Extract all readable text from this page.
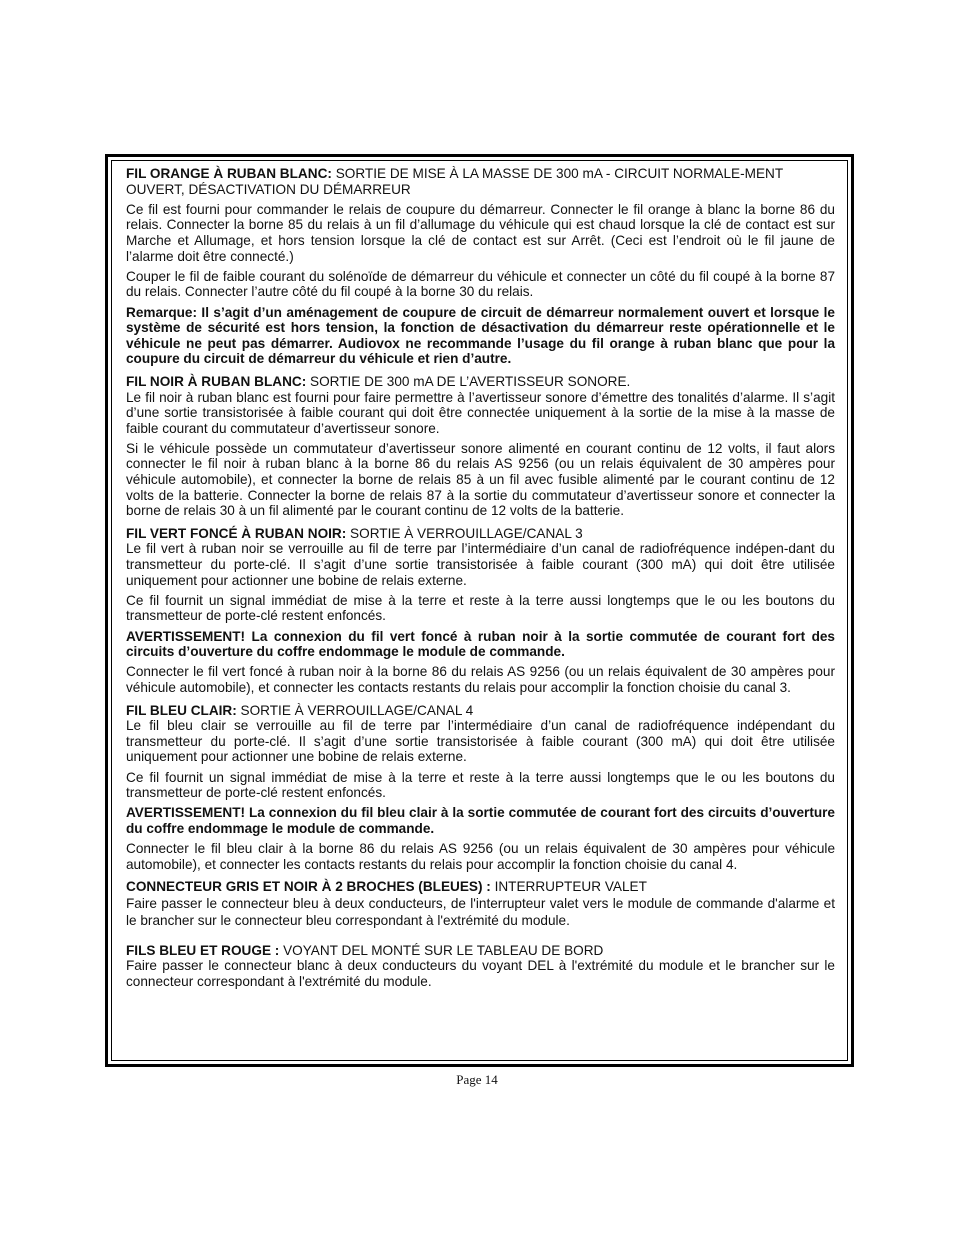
FIL ORANGE À RUBAN BLANC: SORTIE DE MISE À LA MASSE DE 300 mA - CIRCUIT NORMALE-MENT OUVERT, DÉSACTIVATION DU DÉMARREUR

Ce fil est fourni pour commander le relais de coupure du démarreur. Connecter le fil orange à blanc la borne 86 du relais. Connecter la borne 85 du relais à un fil d’allumage du véhicule qui est chaud lorsque la clé de contact est sur Marche et Allumage, et hors tension lorsque la clé de contact est sur Arrêt. (Ceci est l’endroit où le fil jaune de l’alarme doit être connecté.)

Couper le fil de faible courant du solénoïde de démarreur du véhicule et connecter un côté du fil coupé à la borne 87 du relais. Connecter l’autre côté du fil coupé à la borne 30 du relais.

Remarque: Il s’agit d’un aménagement de coupure de circuit de démarreur normalement ouvert et lorsque le système de sécurité est hors tension, la fonction de désactivation du démarreur reste opérationnelle et le véhicule ne peut pas démarrer. Audiovox ne recommande l’usage du fil orange à ruban blanc que pour la coupure du circuit de démarreur du véhicule et rien d’autre.

FIL NOIR À RUBAN BLANC: SORTIE DE 300 mA DE L’AVERTISSEUR SONORE.

Le fil noir à ruban blanc est fourni pour faire permettre à l’avertisseur sonore d’émettre des tonalités d’alarme. Il s’agit d’une sortie transistorisée à faible courant qui doit être connectée uniquement à la sortie de la mise à la masse de faible courant du commutateur d’avertisseur sonore.

Si le véhicule possède un commutateur d’avertisseur sonore alimenté en courant continu de 12 volts, il faut alors connecter le fil noir à ruban blanc à la borne 86 du relais AS 9256 (ou un relais équivalent de 30 ampères pour véhicule automobile), et connecter la borne de relais 85 à un fil avec fusible alimenté par le courant continu de 12 volts de la batterie. Connecter la borne de relais 87 à la sortie du commutateur d’avertisseur sonore et connecter la borne de relais 30 à un fil alimenté par le courant continu de 12 volts de la batterie.

FIL VERT FONCÉ À RUBAN NOIR: SORTIE À VERROUILLAGE/CANAL 3

Le fil vert à ruban noir se verrouille au fil de terre par l’intermédiaire d’un canal de radiofréquence indépen-dant du transmetteur du porte-clé. Il s’agit d’une sortie transistorisée à faible courant (300 mA) qui doit être utilisée uniquement pour actionner une bobine de relais externe.

Ce fil fournit un signal immédiat de mise à la terre et reste à la terre aussi longtemps que le ou les boutons du transmetteur de porte-clé restent enfoncés.

AVERTISSEMENT! La connexion du fil vert foncé à ruban noir à la sortie commutée de courant fort des circuits d’ouverture du coffre endommage le module de commande.

Connecter le fil vert foncé à ruban noir à la borne 86 du relais AS 9256 (ou un relais équivalent de 30 ampères pour véhicule automobile), et connecter les contacts restants du relais pour accomplir la fonction choisie du canal 3.

FIL BLEU CLAIR: SORTIE À VERROUILLAGE/CANAL 4

Le fil bleu clair se verrouille au fil de terre par l’intermédiaire d’un canal de radiofréquence indépendant du transmetteur du porte-clé. Il s’agit d’une sortie transistorisée à faible courant (300 mA) qui doit être utilisée uniquement pour actionner une bobine de relais externe.

Ce fil fournit un signal immédiat de mise à la terre et reste à la terre aussi longtemps que le ou les boutons du transmetteur de porte-clé restent enfoncés.

AVERTISSEMENT! La connexion du fil bleu clair à la sortie commutée de courant fort des circuits d’ouverture du coffre endommage le module de commande.

Connecter le fil bleu clair à la borne 86 du relais AS 9256 (ou un relais équivalent de 30 ampères pour véhicule automobile), et connecter les contacts restants du relais pour accomplir la fonction choisie du canal 4.

CONNECTEUR GRIS ET NOIR À 2 BROCHES (BLEUES) : INTERRUPTEUR VALET

Faire passer le connecteur bleu à deux conducteurs, de l'interrupteur valet vers le module de commande d'alarme et le brancher sur le connecteur bleu correspondant à l'extrémité du module.

FILS BLEU ET ROUGE : VOYANT DEL MONTÉ SUR LE TABLEAU DE BORD

Faire passer le connecteur blanc à deux conducteurs du voyant DEL à l'extrémité du module et le brancher sur le connecteur correspondant à l'extrémité du module.

Page 14
